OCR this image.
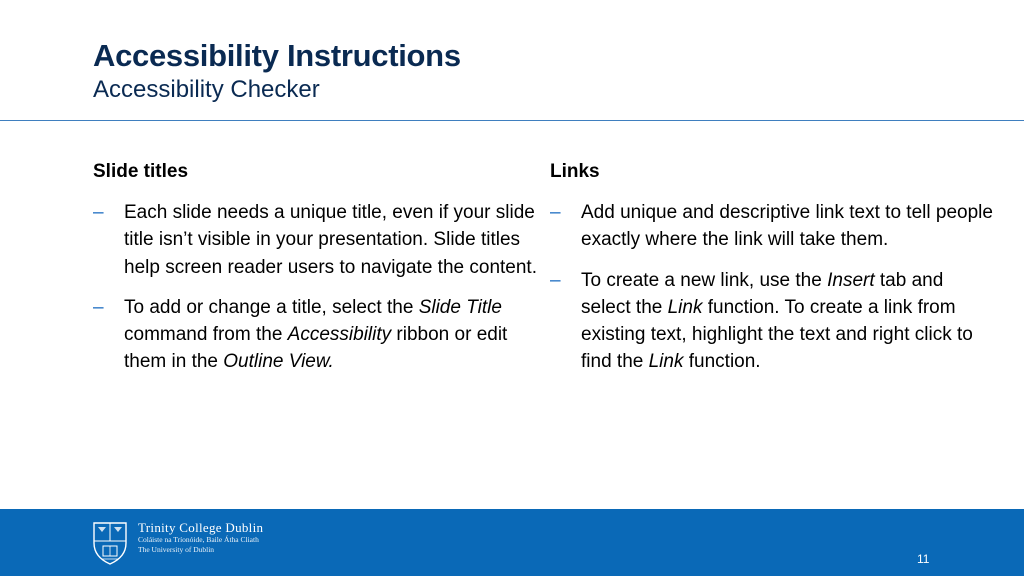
Accessibility Instructions
Accessibility Checker
Slide titles
– Each slide needs a unique title, even if your slide title isn’t visible in your presentation. Slide titles help screen reader users to navigate the content.
– To add or change a title, select the Slide Title command from the Accessibility ribbon or edit them in the Outline View.
Links
– Add unique and descriptive link text to tell people exactly where the link will take them.
– To create a new link, use the Insert tab and select the Link function. To create a link from existing text, highlight the text and right click to find the Link function.
Trinity College Dublin
Coláiste na Tríonóide, Baile Átha Cliath
The University of Dublin
11
